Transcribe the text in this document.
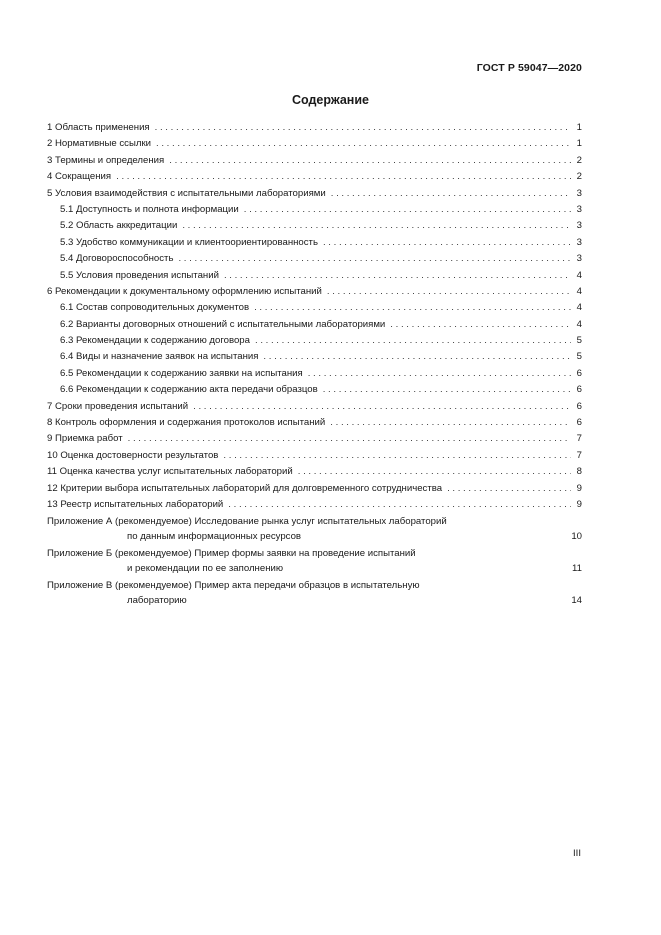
ГОСТ Р 59047—2020
Содержание
1 Область применения . . .	1
2 Нормативные ссылки . . .	1
3 Термины и определения . . .	2
4 Сокращения . . .	2
5 Условия взаимодействия с испытательными лабораториями . . .	3
5.1 Доступность и полнота информации . . .	3
5.2 Область аккредитации . . .	3
5.3 Удобство коммуникации и клиентоориентированность . . .	3
5.4 Договороспособность . . .	3
5.5 Условия проведения испытаний . . .	4
6 Рекомендации к документальному оформлению испытаний . . .	4
6.1 Состав сопроводительных документов . . .	4
6.2 Варианты договорных отношений с испытательными лабораториями . . .	4
6.3 Рекомендации к содержанию договора . . .	5
6.4 Виды и назначение заявок на испытания . . .	5
6.5 Рекомендации к содержанию заявки на испытания . . .	6
6.6 Рекомендации к содержанию акта передачи образцов . . .	6
7 Сроки проведения испытаний . . .	6
8 Контроль оформления и содержания протоколов испытаний . . .	6
9 Приемка работ . . .	7
10 Оценка достоверности результатов . . .	7
11 Оценка качества услуг испытательных лабораторий . . .	8
12 Критерии выбора испытательных лабораторий для долговременного сотрудничества . . .	9
13 Реестр испытательных лабораторий . . .	9
Приложение А (рекомендуемое) Исследование рынка услуг испытательных лабораторий
по данным информационных ресурсов	10
Приложение Б (рекомендуемое) Пример формы заявки на проведение испытаний
и рекомендации по ее заполнению	11
Приложение В (рекомендуемое) Пример акта передачи образцов в испытательную
лабораторию	14
III
